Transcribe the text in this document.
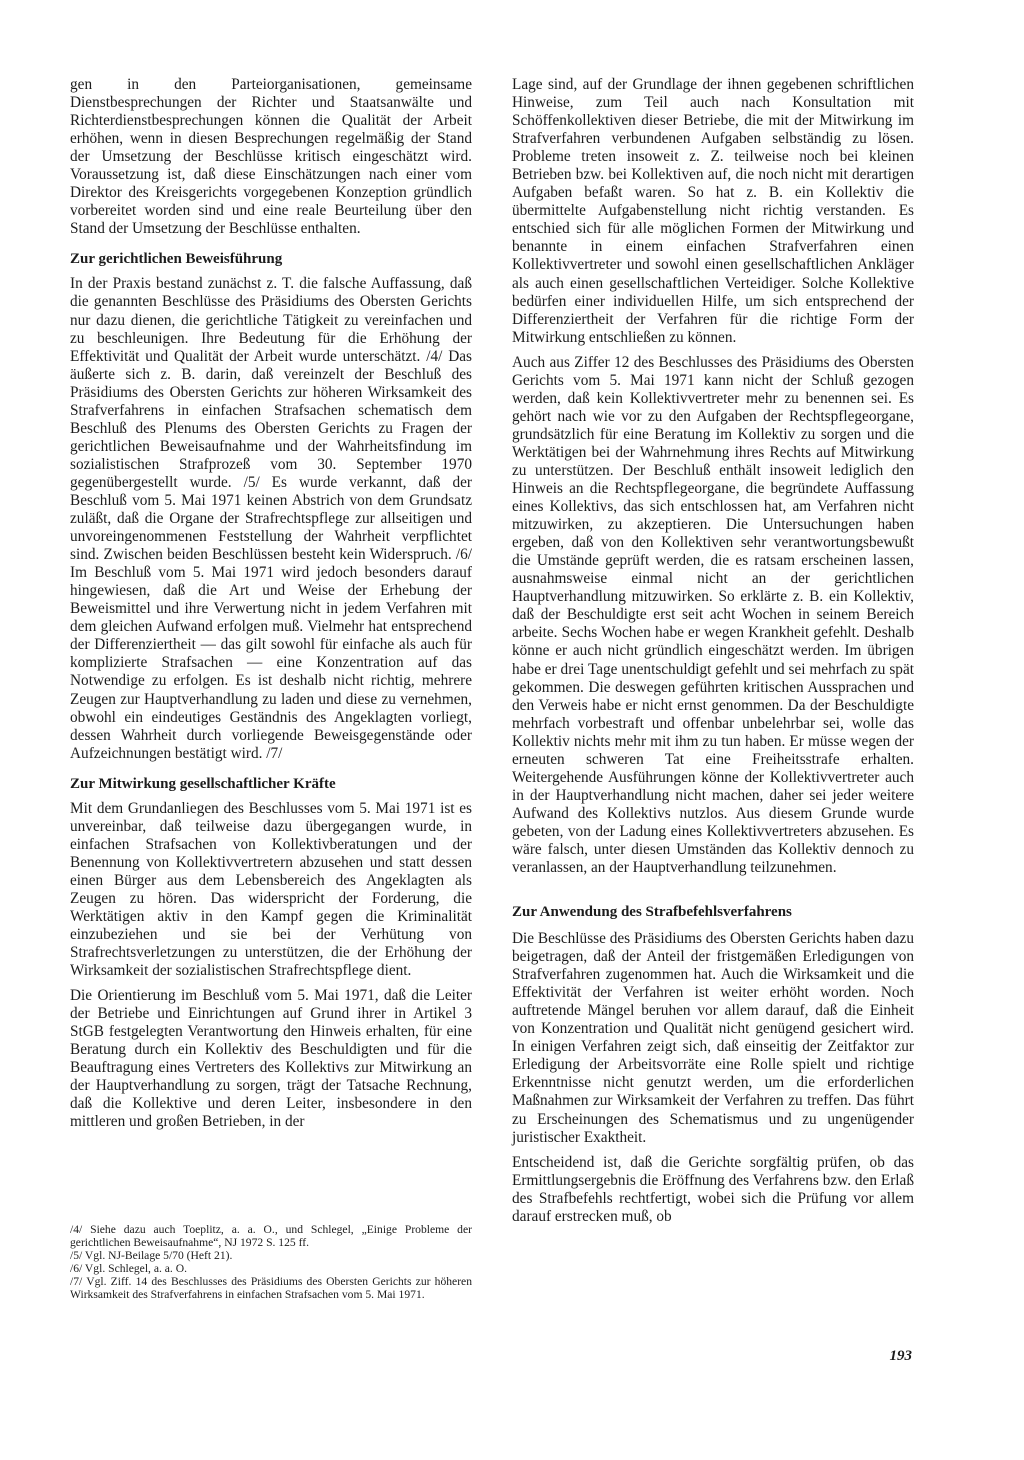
gen in den Parteiorganisationen, gemeinsame Dienstbesprechungen der Richter und Staatsanwälte und Richterdienstbesprechungen können die Qualität der Arbeit erhöhen, wenn in diesen Besprechungen regelmäßig der Stand der Umsetzung der Beschlüsse kritisch eingeschätzt wird. Voraussetzung ist, daß diese Einschätzungen nach einer vom Direktor des Kreisgerichts vorgegebenen Konzeption gründlich vorbereitet worden sind und eine reale Beurteilung über den Stand der Umsetzung der Beschlüsse enthalten.

Zur gerichtlichen Beweisführung

In der Praxis bestand zunächst z. T. die falsche Auffassung, daß die genannten Beschlüsse des Präsidiums des Obersten Gerichts nur dazu dienen, die gerichtliche Tätigkeit zu vereinfachen und zu beschleunigen. Ihre Bedeutung für die Erhöhung der Effektivität und Qualität der Arbeit wurde unterschätzt. /4/ Das äußerte sich z. B. darin, daß vereinzelt der Beschluß des Präsidiums des Obersten Gerichts zur höheren Wirksamkeit des Strafverfahrens in einfachen Strafsachen schematisch dem Beschluß des Plenums des Obersten Gerichts zu Fragen der gerichtlichen Beweisaufnahme und der Wahrheitsfindung im sozialistischen Strafprozeß vom 30. September 1970 gegenübergestellt wurde. /5/ Es wurde verkannt, daß der Beschluß vom 5. Mai 1971 keinen Abstrich von dem Grundsatz zuläßt, daß die Organe der Strafrechtspflege zur allseitigen und unvoreingenommenen Feststellung der Wahrheit verpflichtet sind. Zwischen beiden Beschlüssen besteht kein Widerspruch. /6/ Im Beschluß vom 5. Mai 1971 wird jedoch besonders darauf hingewiesen, daß die Art und Weise der Erhebung der Beweismittel und ihre Verwertung nicht in jedem Verfahren mit dem gleichen Aufwand erfolgen muß. Vielmehr hat entsprechend der Differenziertheit — das gilt sowohl für einfache als auch für komplizierte Strafsachen — eine Konzentration auf das Notwendige zu erfolgen. Es ist deshalb nicht richtig, mehrere Zeugen zur Hauptverhandlung zu laden und diese zu vernehmen, obwohl ein eindeutiges Geständnis des Angeklagten vorliegt, dessen Wahrheit durch vorliegende Beweisgegenstände oder Aufzeichnungen bestätigt wird. /7/

Zur Mitwirkung gesellschaftlicher Kräfte

Mit dem Grundanliegen des Beschlusses vom 5. Mai 1971 ist es unvereinbar, daß teilweise dazu übergegangen wurde, in einfachen Strafsachen von Kollektivberatungen und der Benennung von Kollektivvertretern abzusehen und statt dessen einen Bürger aus dem Lebensbereich des Angeklagten als Zeugen zu hören. Das widerspricht der Forderung, die Werktätigen aktiv in den Kampf gegen die Kriminalität einzubeziehen und sie bei der Verhütung von Strafrechtsverletzungen zu unterstützen, die der Erhöhung der Wirksamkeit der sozialistischen Strafrechtspflege dient.

Die Orientierung im Beschluß vom 5. Mai 1971, daß die Leiter der Betriebe und Einrichtungen auf Grund ihrer in Artikel 3 StGB festgelegten Verantwortung den Hinweis erhalten, für eine Beratung durch ein Kollektiv des Beschuldigten und für die Beauftragung eines Vertreters des Kollektivs zur Mitwirkung an der Hauptverhandlung zu sorgen, trägt der Tatsache Rechnung, daß die Kollektive und deren Leiter, insbesondere in den mittleren und großen Betrieben, in der

/4/ Siehe dazu auch Toeplitz, a. a. O., und Schlegel, „Einige Probleme der gerichtlichen Beweisaufnahme“, NJ 1972 S. 125 ff.

/5/ Vgl. NJ-Beilage 5/70 (Heft 21).

/6/ Vgl. Schlegel, a. a. O.

/7/ Vgl. Ziff. 14 des Beschlusses des Präsidiums des Obersten Gerichts zur höheren Wirksamkeit des Strafverfahrens in einfachen Strafsachen vom 5. Mai 1971.

Lage sind, auf der Grundlage der ihnen gegebenen schriftlichen Hinweise, zum Teil auch nach Konsultation mit Schöffenkollektiven dieser Betriebe, die mit der Mitwirkung im Strafverfahren verbundenen Aufgaben selbständig zu lösen. Probleme treten insoweit z. Z. teilweise noch bei kleinen Betrieben bzw. bei Kollektiven auf, die noch nicht mit derartigen Aufgaben befaßt waren. So hat z. B. ein Kollektiv die übermittelte Aufgabenstellung nicht richtig verstanden. Es entschied sich für alle möglichen Formen der Mitwirkung und benannte in einem einfachen Strafverfahren einen Kollektivvertreter und sowohl einen gesellschaftlichen Ankläger als auch einen gesellschaftlichen Verteidiger. Solche Kollektive bedürfen einer individuellen Hilfe, um sich entsprechend der Differenziertheit der Verfahren für die richtige Form der Mitwirkung entschließen zu können.

Auch aus Ziffer 12 des Beschlusses des Präsidiums des Obersten Gerichts vom 5. Mai 1971 kann nicht der Schluß gezogen werden, daß kein Kollektivvertreter mehr zu benennen sei. Es gehört nach wie vor zu den Aufgaben der Rechtspflegeorgane, grundsätzlich für eine Beratung im Kollektiv zu sorgen und die Werktätigen bei der Wahrnehmung ihres Rechts auf Mitwirkung zu unterstützen. Der Beschluß enthält insoweit lediglich den Hinweis an die Rechtspflegeorgane, die begründete Auffassung eines Kollektivs, das sich entschlossen hat, am Verfahren nicht mitzuwirken, zu akzeptieren. Die Untersuchungen haben ergeben, daß von den Kollektiven sehr verantwortungsbewußt die Umstände geprüft werden, die es ratsam erscheinen lassen, ausnahmsweise einmal nicht an der gerichtlichen Hauptverhandlung mitzuwirken. So erklärte z. B. ein Kollektiv, daß der Beschuldigte erst seit acht Wochen in seinem Bereich arbeite. Sechs Wochen habe er wegen Krankheit gefehlt. Deshalb könne er auch nicht gründlich eingeschätzt werden. Im übrigen habe er drei Tage unentschuldigt gefehlt und sei mehrfach zu spät gekommen. Die deswegen geführten kritischen Aussprachen und den Verweis habe er nicht ernst genommen. Da der Beschuldigte mehrfach vorbestraft und offenbar unbelehrbar sei, wolle das Kollektiv nichts mehr mit ihm zu tun haben. Er müsse wegen der erneuten schweren Tat eine Freiheitsstrafe erhalten. Weitergehende Ausführungen könne der Kollektivvertreter auch in der Hauptverhandlung nicht machen, daher sei jeder weitere Aufwand des Kollektivs nutzlos. Aus diesem Grunde wurde gebeten, von der Ladung eines Kollektivvertreters abzusehen. Es wäre falsch, unter diesen Umständen das Kollektiv dennoch zu veranlassen, an der Hauptverhandlung teilzunehmen.

Zur Anwendung des Strafbefehlsverfahrens

Die Beschlüsse des Präsidiums des Obersten Gerichts haben dazu beigetragen, daß der Anteil der fristgemäßen Erledigungen von Strafverfahren zugenommen hat. Auch die Wirksamkeit und die Effektivität der Verfahren ist weiter erhöht worden. Noch auftretende Mängel beruhen vor allem darauf, daß die Einheit von Konzentration und Qualität nicht genügend gesichert wird. In einigen Verfahren zeigt sich, daß einseitig der Zeitfaktor zur Erledigung der Arbeitsvorräte eine Rolle spielt und richtige Erkenntnisse nicht genutzt werden, um die erforderlichen Maßnahmen zur Wirksamkeit der Verfahren zu treffen. Das führt zu Erscheinungen des Schematismus und zu ungenügender juristischer Exaktheit.

Entscheidend ist, daß die Gerichte sorgfältig prüfen, ob das Ermittlungsergebnis die Eröffnung des Verfahrens bzw. den Erlaß des Strafbefehls rechtfertigt, wobei sich die Prüfung vor allem darauf erstrecken muß, ob

193
